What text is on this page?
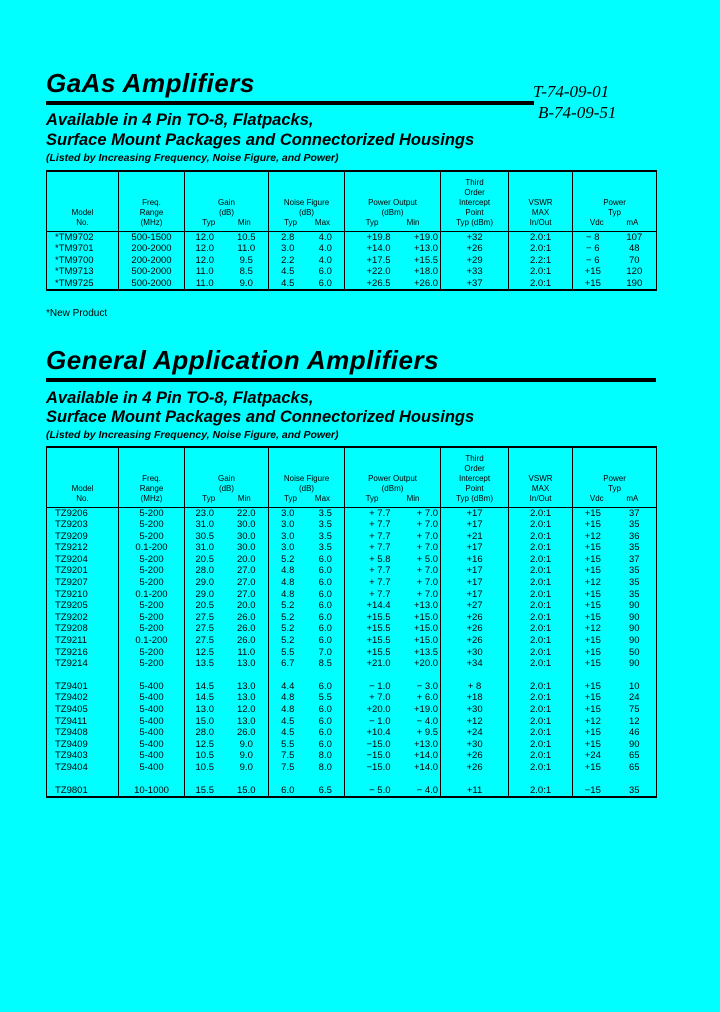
GaAs Amplifiers	T-74-09-01
B-74-09-51
Available in 4 Pin TO-8, Flatpacks,
Surface Mount Packages and Connectorized Housings
(Listed by Increasing Frequency, Noise Figure, and Power)
Model
No.	Freq.
Range
(MHz)	Gain
(dB)
Typ Min		Noise Figure
(dB)
Typ Max		Power Output
(dBm)
Typ Min		Third
Order
Intercept
Point
Typ (dBm)	VSWR
MAX
In/Out	Power
Typ
Vdc mA	
*TM9702	500-1500	12.0	10.5	2.8	4.0	+19.8	+19.0	+32	2.0:1	− 8	107
*TM9701	200-2000	12.0	11.0	3.0	4.0	+14.0	+13.0	+26	2.0:1	− 6	48
*TM9700	200-2000	12.0	9.5	2.2	4.0	+17.5	+15.5	+29	2.2:1	− 6	70
*TM9713	500-2000	11.0	8.5	4.5	6.0	+22.0	+18.0	+33	2.0:1	+15	120
*TM9725	500-2000	11.0	9.0	4.5	6.0	+26.5	+26.0	+37	2.0:1	+15	190
*New Product
General Application Amplifiers
Available in 4 Pin TO-8, Flatpacks,
Surface Mount Packages and Connectorized Housings
(Listed by Increasing Frequency, Noise Figure, and Power)
Model
No.	Freq.
Range
(MHz)	Gain
(dB)
Typ Min		Noise Figure
(dB)
Typ Max		Power Output
(dBm)
Typ Min		Third
Order
Intercept
Point
Typ (dBm)	VSWR
MAX
In/Out	Power
Typ
Vdc mA	
TZ9206	5-200	23.0	22.0	3.0	3.5	+ 7.7	+ 7.0	+17	2.0:1	+15	37
TZ9203	5-200	31.0	30.0	3.0	3.5	+ 7.7	+ 7.0	+17	2.0:1	+15	35
TZ9209	5-200	30.5	30.0	3.0	3.5	+ 7.7	+ 7.0	+21	2.0:1	+12	36
TZ9212	0.1-200	31.0	30.0	3.0	3.5	+ 7.7	+ 7.0	+17	2.0:1	+15	35
TZ9204	5-200	20.5	20.0	5.2	6.0	+ 5.8	+ 5.0	+16	2.0:1	+15	37
TZ9201	5-200	28.0	27.0	4.8	6.0	+ 7.7	+ 7.0	+17	2.0:1	+15	35
TZ9207	5-200	29.0	27.0	4.8	6.0	+ 7.7	+ 7.0	+17	2.0:1	+12	35
TZ9210	0.1-200	29.0	27.0	4.8	6.0	+ 7.7	+ 7.0	+17	2.0:1	+15	35
TZ9205	5-200	20.5	20.0	5.2	6.0	+14.4	+13.0	+27	2.0:1	+15	90
TZ9202	5-200	27.5	26.0	5.2	6.0	+15.5	+15.0	+26	2.0:1	+15	90
TZ9208	5-200	27.5	26.0	5.2	6.0	+15.5	+15.0	+26	2.0:1	+12	90
TZ9211	0.1-200	27.5	26.0	5.2	6.0	+15.5	+15.0	+26	2.0:1	+15	90
TZ9216	5-200	12.5	11.0	5.5	7.0	+15.5	+13.5	+30	2.0:1	+15	50
TZ9214	5-200	13.5	13.0	6.7	8.5	+21.0	+20.0	+34	2.0:1	+15	90

TZ9401	5-400	14.5	13.0	4.4	6.0	− 1.0	− 3.0	+ 8	2.0:1	+15	10
TZ9402	5-400	14.5	13.0	4.8	5.5	+ 7.0	+ 6.0	+18	2.0:1	+15	24
TZ9405	5-400	13.0	12.0	4.8	6.0	+20.0	+19.0	+30	2.0:1	+15	75
TZ9411	5-400	15.0	13.0	4.5	6.0	− 1.0	− 4.0	+12	2.0:1	+12	12
TZ9408	5-400	28.0	26.0	4.5	6.0	+10.4	+ 9.5	+24	2.0:1	+15	46
TZ9409	5-400	12.5	9.0	5.5	6.0	−15.0	+13.0	+30	2.0:1	+15	90
TZ9403	5-400	10.5	9.0	7.5	8.0	−15.0	+14.0	+26	2.0:1	+24	65
TZ9404	5-400	10.5	9.0	7.5	8.0	−15.0	+14.0	+26	2.0:1	+15	65

TZ9801	10-1000	15.5	15.0	6.0	6.5	− 5.0	− 4.0	+11	2.0:1	−15	35
